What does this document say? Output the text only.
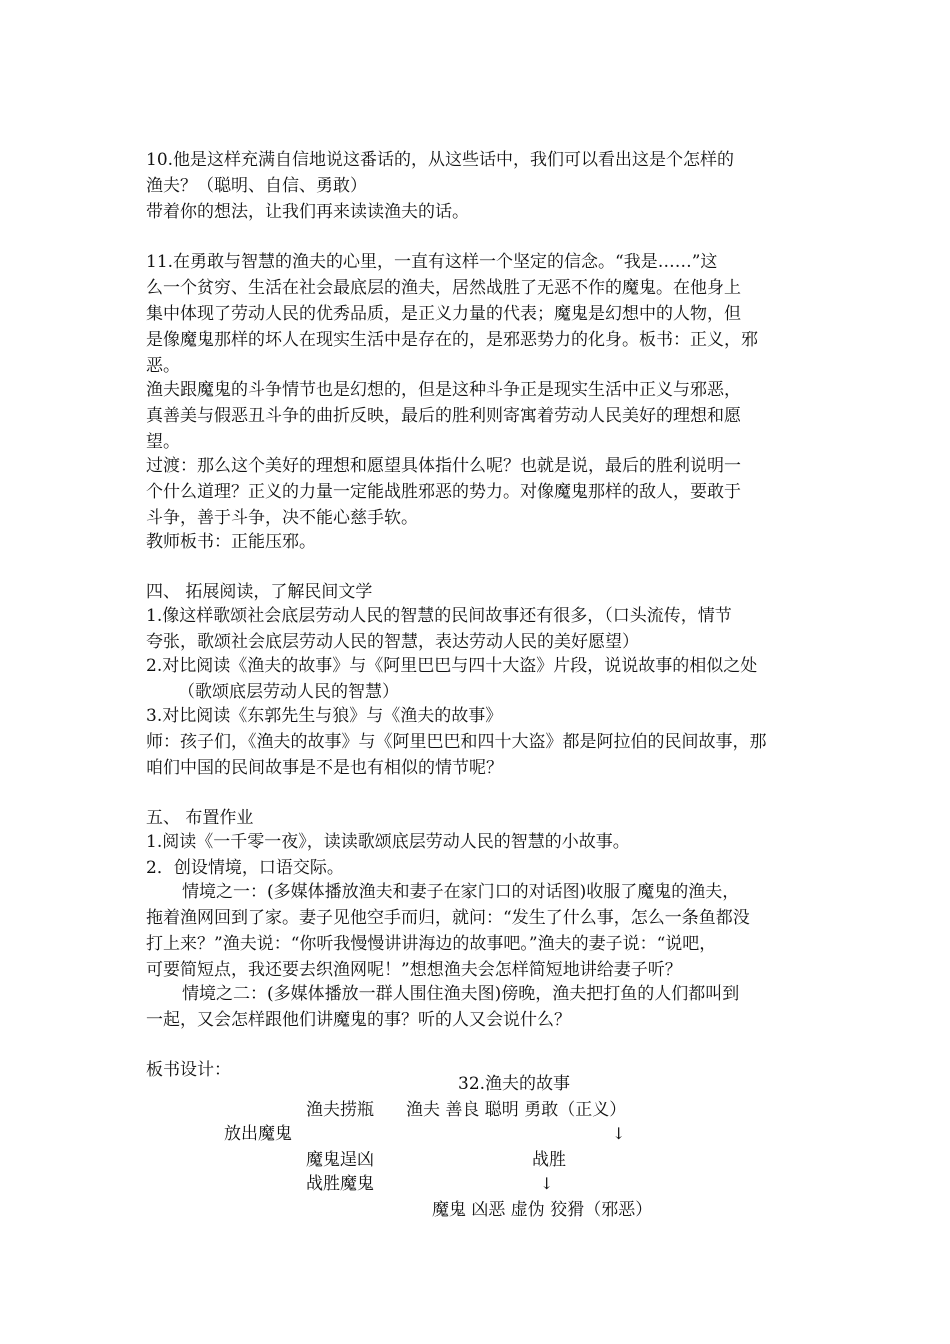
10.他是这样充满自信地说这番话的，从这些话中，我们可以看出这是个怎样的
渔夫？（聪明、自信、勇敢）
带着你的想法，让我们再来读读渔夫的话。
11.在勇敢与智慧的渔夫的心里，一直有这样一个坚定的信念。“我是……”这
么一个贫穷、生活在社会最底层的渔夫，居然战胜了无恶不作的魔鬼。在他身上
集中体现了劳动人民的优秀品质，是正义力量的代表；魔鬼是幻想中的人物，但
是像魔鬼那样的坏人在现实生活中是存在的，是邪恶势力的化身。板书：正义，邪
恶。
渔夫跟魔鬼的斗争情节也是幻想的，但是这种斗争正是现实生活中正义与邪恶，
真善美与假恶丑斗争的曲折反映，最后的胜利则寄寓着劳动人民美好的理想和愿
望。
过渡：那么这个美好的理想和愿望具体指什么呢？也就是说，最后的胜利说明一
个什么道理？正义的力量一定能战胜邪恶的势力。对像魔鬼那样的敌人，要敢于
斗争，善于斗争，决不能心慈手软。
教师板书：正能压邪。
四、 拓展阅读，了解民间文学
1.像这样歌颂社会底层劳动人民的智慧的民间故事还有很多，（口头流传，情节
夸张，歌颂社会底层劳动人民的智慧，表达劳动人民的美好愿望）
2.对比阅读《渔夫的故事》与《阿里巴巴与四十大盗》片段，说说故事的相似之处
（歌颂底层劳动人民的智慧）
3.对比阅读《东郭先生与狼》与《渔夫的故事》
师：孩子们，《渔夫的故事》与《阿里巴巴和四十大盗》都是阿拉伯的民间故事，那
咱们中国的民间故事是不是也有相似的情节呢？
五、 布置作业
1.阅读《一千零一夜》，读读歌颂底层劳动人民的智慧的小故事。
2．创设情境，口语交际。
情境之一：(多媒体播放渔夫和妻子在家门口的对话图)收服了魔鬼的渔夫，
拖着渔网回到了家。妻子见他空手而归，就问：“发生了什么事，怎么一条鱼都没
打上来？”渔夫说：“你听我慢慢讲讲海边的故事吧。”渔夫的妻子说：“说吧，
可要简短点，我还要去织渔网呢！”想想渔夫会怎样简短地讲给妻子听？
情境之二：(多媒体播放一群人围住渔夫图)傍晚，渔夫把打鱼的人们都叫到
一起，又会怎样跟他们讲魔鬼的事？听的人又会说什么？
板书设计：
32.渔夫的故事
渔夫捞瓶 渔夫 善良 聪明 勇敢（正义）
放出魔鬼	↓
魔鬼逞凶	战胜
战胜魔鬼	↓
魔鬼 凶恶 虚伪 狡猾（邪恶）
